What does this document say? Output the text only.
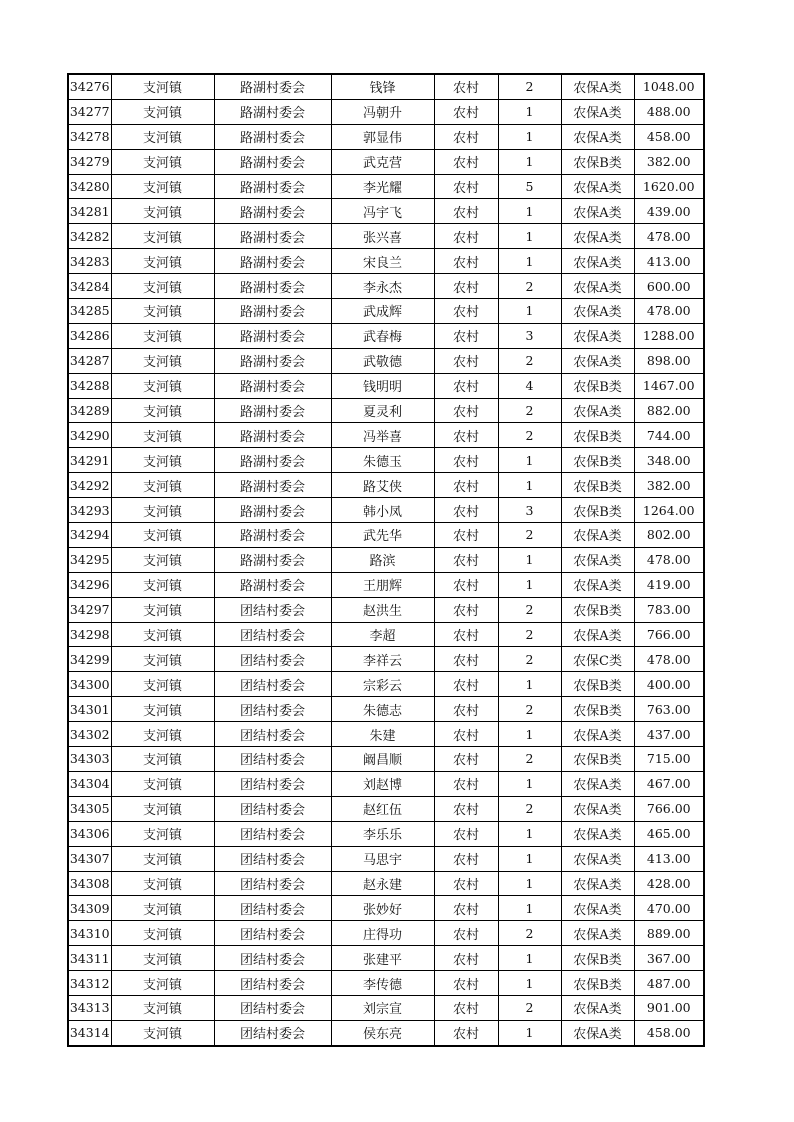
34276	支河镇	路湖村委会	钱锋	农村	2	农保A类	1048.00
34277	支河镇	路湖村委会	冯朝升	农村	1	农保A类	488.00
34278	支河镇	路湖村委会	郭显伟	农村	1	农保A类	458.00
34279	支河镇	路湖村委会	武克营	农村	1	农保B类	382.00
34280	支河镇	路湖村委会	李光耀	农村	5	农保A类	1620.00
34281	支河镇	路湖村委会	冯宇飞	农村	1	农保A类	439.00
34282	支河镇	路湖村委会	张兴喜	农村	1	农保A类	478.00
34283	支河镇	路湖村委会	宋良兰	农村	1	农保A类	413.00
34284	支河镇	路湖村委会	李永杰	农村	2	农保A类	600.00
34285	支河镇	路湖村委会	武成辉	农村	1	农保A类	478.00
34286	支河镇	路湖村委会	武春梅	农村	3	农保A类	1288.00
34287	支河镇	路湖村委会	武敬德	农村	2	农保A类	898.00
34288	支河镇	路湖村委会	钱明明	农村	4	农保B类	1467.00
34289	支河镇	路湖村委会	夏灵利	农村	2	农保A类	882.00
34290	支河镇	路湖村委会	冯举喜	农村	2	农保B类	744.00
34291	支河镇	路湖村委会	朱德玉	农村	1	农保B类	348.00
34292	支河镇	路湖村委会	路艾侠	农村	1	农保B类	382.00
34293	支河镇	路湖村委会	韩小凤	农村	3	农保B类	1264.00
34294	支河镇	路湖村委会	武先华	农村	2	农保A类	802.00
34295	支河镇	路湖村委会	路滨	农村	1	农保A类	478.00
34296	支河镇	路湖村委会	王朋辉	农村	1	农保A类	419.00
34297	支河镇	团结村委会	赵洪生	农村	2	农保B类	783.00
34298	支河镇	团结村委会	李超	农村	2	农保A类	766.00
34299	支河镇	团结村委会	李祥云	农村	2	农保C类	478.00
34300	支河镇	团结村委会	宗彩云	农村	1	农保B类	400.00
34301	支河镇	团结村委会	朱德志	农村	2	农保B类	763.00
34302	支河镇	团结村委会	朱建	农村	1	农保A类	437.00
34303	支河镇	团结村委会	阚昌顺	农村	2	农保B类	715.00
34304	支河镇	团结村委会	刘赵博	农村	1	农保A类	467.00
34305	支河镇	团结村委会	赵红伍	农村	2	农保A类	766.00
34306	支河镇	团结村委会	李乐乐	农村	1	农保A类	465.00
34307	支河镇	团结村委会	马思宇	农村	1	农保A类	413.00
34308	支河镇	团结村委会	赵永建	农村	1	农保A类	428.00
34309	支河镇	团结村委会	张妙好	农村	1	农保A类	470.00
34310	支河镇	团结村委会	庄得功	农村	2	农保A类	889.00
34311	支河镇	团结村委会	张建平	农村	1	农保B类	367.00
34312	支河镇	团结村委会	李传德	农村	1	农保B类	487.00
34313	支河镇	团结村委会	刘宗宣	农村	2	农保A类	901.00
34314	支河镇	团结村委会	侯东亮	农村	1	农保A类	458.00
